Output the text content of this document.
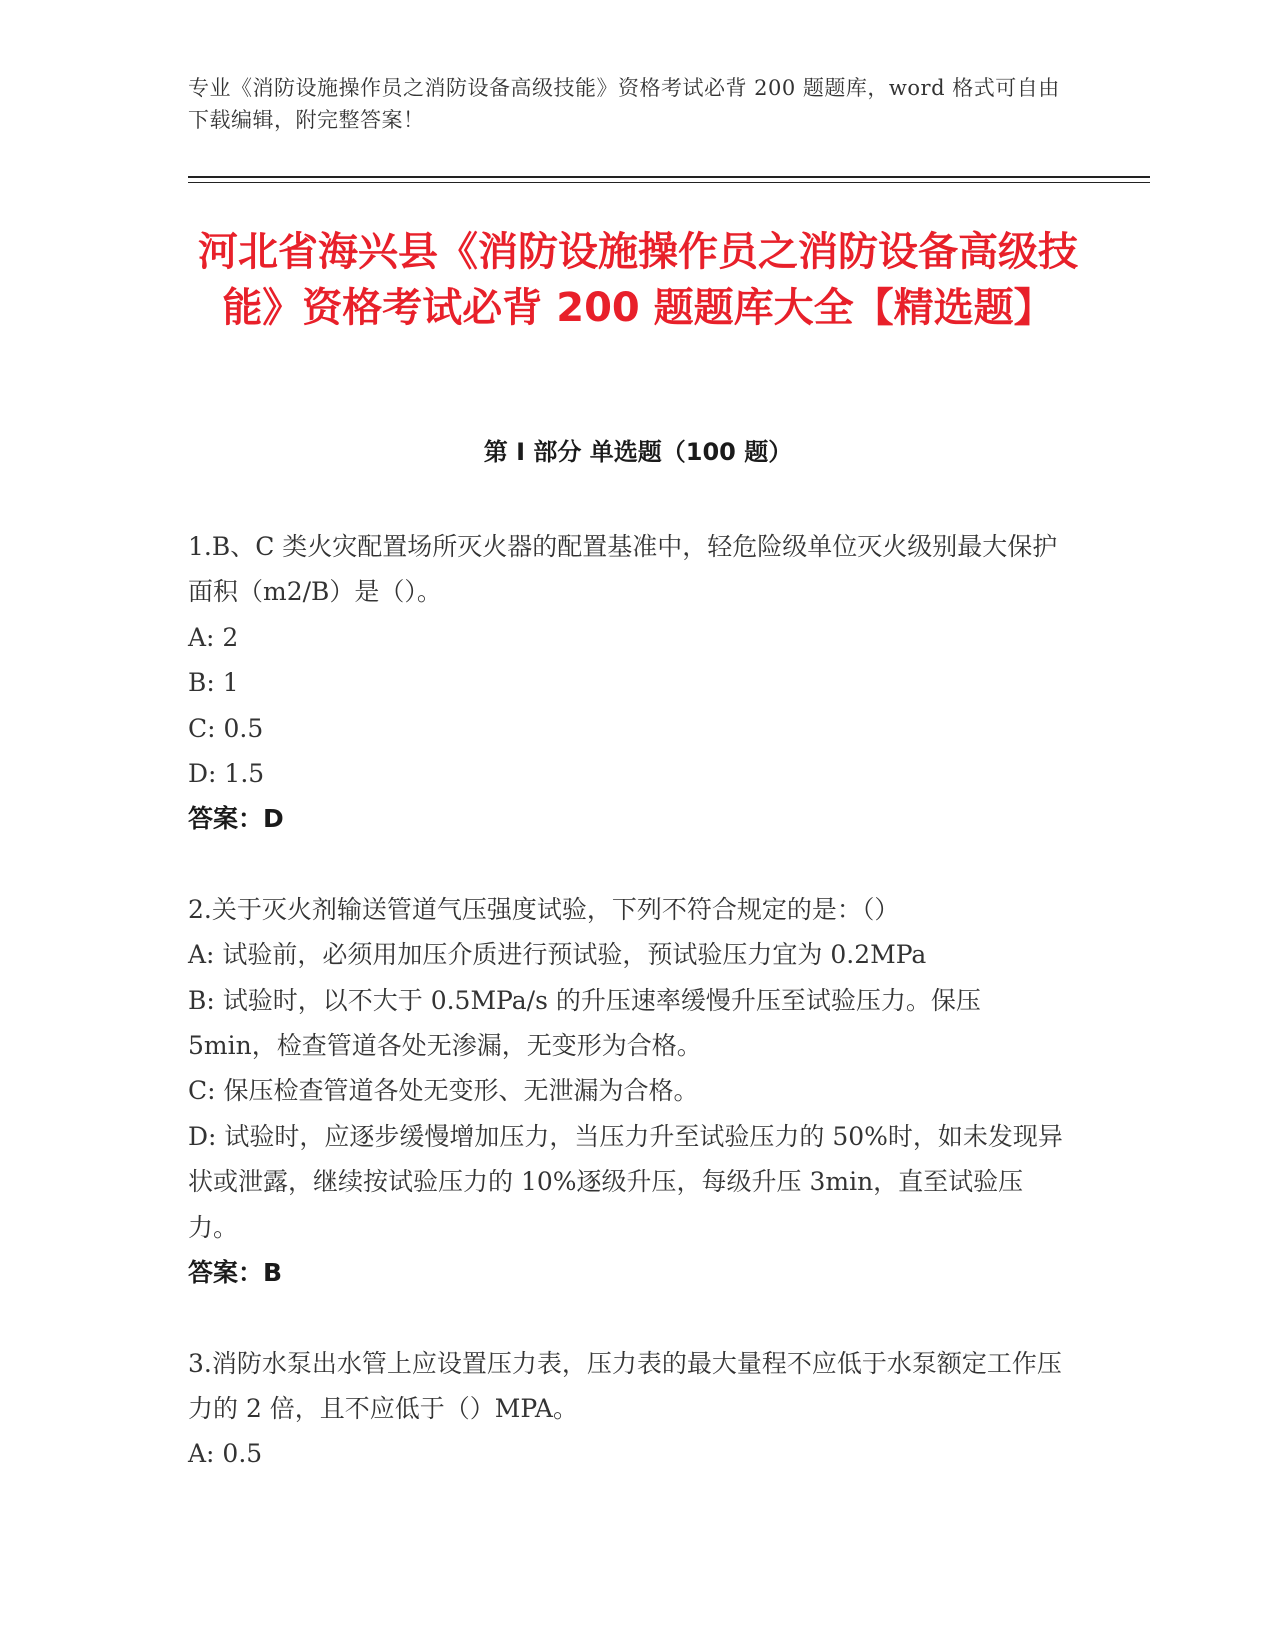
专业《消防设施操作员之消防设备高级技能》资格考试必背 200 题题库，word 格式可自由下载编辑，附完整答案！
河北省海兴县《消防设施操作员之消防设备高级技能》资格考试必背 200 题题库大全【精选题】
第 I 部分 单选题（100 题）

1.B、C 类火灾配置场所灭火器的配置基准中，轻危险级单位灭火级别最大保护面积（m2/B）是（）。

A: 2

B: 1

C: 0.5

D: 1.5

答案：D

2.关于灭火剂输送管道气压强度试验，下列不符合规定的是：（）

A: 试验前，必须用加压介质进行预试验，预试验压力宜为 0.2MPa

B: 试验时，以不大于 0.5MPa/s 的升压速率缓慢升压至试验压力。保压 5min，检查管道各处无渗漏，无变形为合格。

C: 保压检查管道各处无变形、无泄漏为合格。

D: 试验时，应逐步缓慢增加压力，当压力升至试验压力的 50%时，如未发现异状或泄露，继续按试验压力的 10%逐级升压，每级升压 3min，直至试验压力。

答案：B

3.消防水泵出水管上应设置压力表，压力表的最大量程不应低于水泵额定工作压力的 2 倍，且不应低于（）MPA。

A: 0.5
